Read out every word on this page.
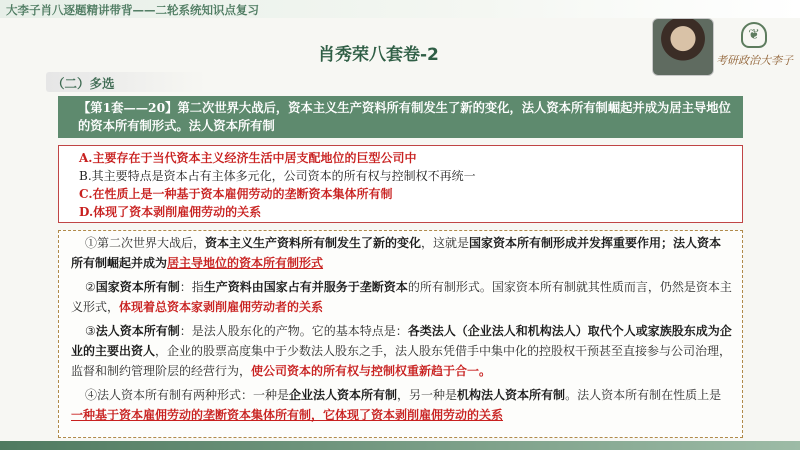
大李子肖八逐题精讲带背——二轮系统知识点复习
肖秀荣八套卷-2
❦
考研政治大李子
（二）多选
【第1套——20】第二次世界大战后，资本主义生产资料所有制发生了新的变化，法人资本所有制崛起并成为居主导地位的资本所有制形式。法人资本所有制
A.主要存在于当代资本主义经济生活中居支配地位的巨型公司中
B.其主要特点是资本占有主体多元化，公司资本的所有权与控制权不再统一
C.在性质上是一种基于资本雇佣劳动的垄断资本集体所有制
D.体现了资本剥削雇佣劳动的关系

①第二次世界大战后，资本主义生产资料所有制发生了新的变化，这就是国家资本所有制形成并发挥重要作用；法人资本所有制崛起并成为居主导地位的资本所有制形式

②国家资本所有制：指生产资料由国家占有并服务于垄断资本的所有制形式。国家资本所有制就其性质而言，仍然是资本主义形式，体现着总资本家剥削雇佣劳动者的关系

③法人资本所有制：是法人股东化的产物。它的基本特点是：各类法人（企业法人和机构法人）取代个人或家族股东成为企业的主要出资人，企业的股票高度集中于少数法人股东之手，法人股东凭借手中集中化的控股权干预甚至直接参与公司治理，监督和制约管理阶层的经营行为，使公司资本的所有权与控制权重新趋于合一。

④法人资本所有制有两种形式：一种是企业法人资本所有制，另一种是机构法人资本所有制。法人资本所有制在性质上是一种基于资本雇佣劳动的垄断资本集体所有制，它体现了资本剥削雇佣劳动的关系
